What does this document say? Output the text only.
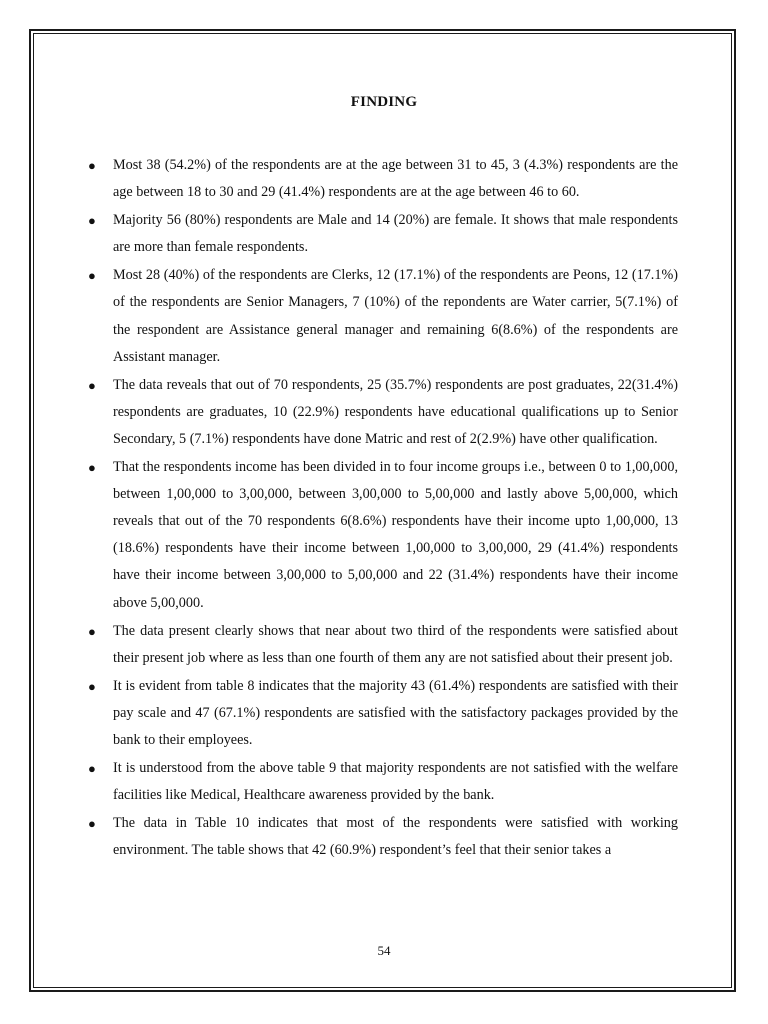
FINDING
● Most 38 (54.2%) of the respondents are at the age between 31 to 45, 3 (4.3%) respondents are the age between 18 to 30 and 29 (41.4%) respondents are at the age between 46 to 60.
● Majority 56 (80%) respondents are Male and 14 (20%) are female. It shows that male respondents are more than female respondents.
● Most 28 (40%) of the respondents are Clerks, 12 (17.1%) of the respondents are Peons, 12 (17.1%) of the respondents are Senior Managers, 7 (10%) of the repondents are Water carrier, 5(7.1%) of the respondent are Assistance general manager and remaining 6(8.6%) of the respondents are Assistant manager.
● The data reveals that out of 70 respondents, 25 (35.7%) respondents are post graduates, 22(31.4%) respondents are graduates, 10 (22.9%) respondents have educational qualifications up to Senior Secondary, 5 (7.1%) respondents have done Matric and rest of 2(2.9%) have other qualification.
● That the respondents income has been divided in to four income groups i.e., between 0 to 1,00,000, between 1,00,000 to 3,00,000, between 3,00,000 to 5,00,000 and lastly above 5,00,000, which reveals that out of the 70 respondents 6(8.6%) respondents have their income upto 1,00,000, 13 (18.6%) respondents have their income between 1,00,000 to 3,00,000, 29 (41.4%) respondents have their income between 3,00,000 to 5,00,000 and 22 (31.4%) respondents have their income above 5,00,000.
● The data present clearly shows that near about two third of the respondents were satisfied about their present job where as less than one fourth of them any are not satisfied about their present job.
● It is evident from table 8 indicates that the majority 43 (61.4%) respondents are satisfied with their pay scale and 47 (67.1%) respondents are satisfied with the satisfactory packages provided by the bank to their employees.
● It is understood from the above table 9 that majority respondents are not satisfied with the welfare facilities like Medical, Healthcare awareness provided by the bank.
● The data in Table 10 indicates that most of the respondents were satisfied with working environment. The table shows that 42 (60.9%) respondent’s feel that their senior takes a
54
